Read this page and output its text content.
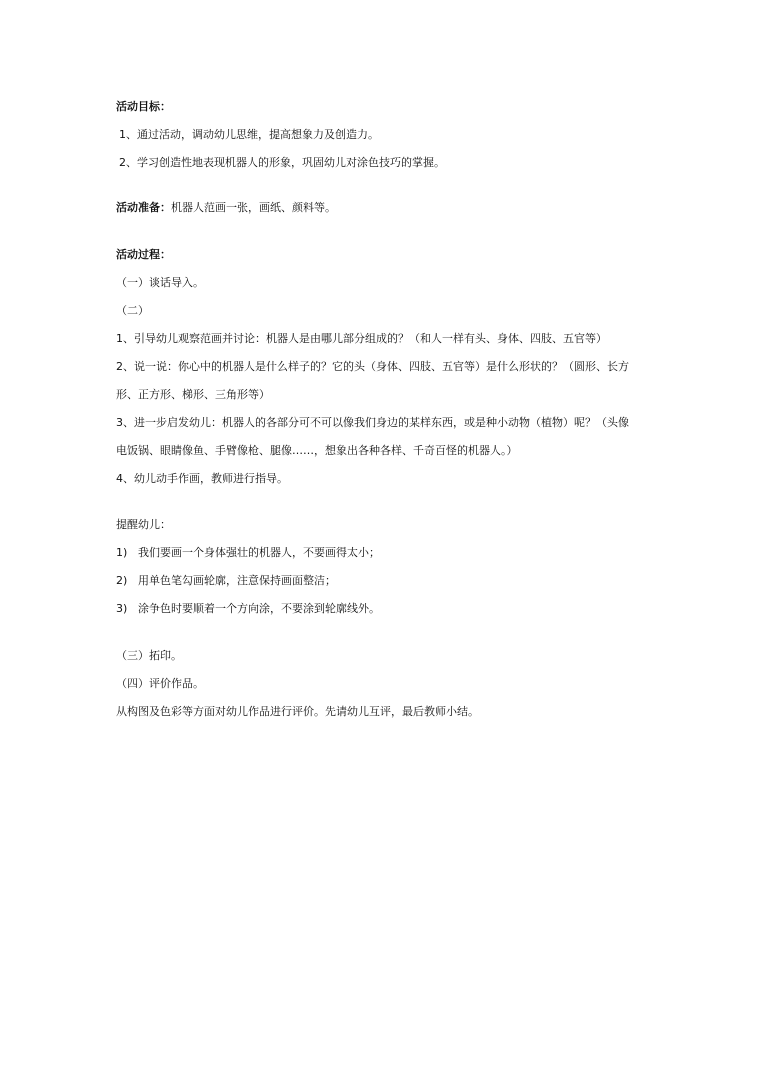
活动目标：
1、通过活动，调动幼儿思维，提高想象力及创造力。
2、学习创造性地表现机器人的形象，巩固幼儿对涂色技巧的掌握。
活动准备：机器人范画一张，画纸、颜料等。
活动过程：
（一）谈话导入。
（二）
1、引导幼儿观察范画并讨论：机器人是由哪儿部分组成的？（和人一样有头、身体、四肢、五官等）
2、说一说：你心中的机器人是什么样子的？它的头（身体、四肢、五官等）是什么形状的？（圆形、长方
形、正方形、梯形、三角形等）
3、进一步启发幼儿：机器人的各部分可不可以像我们身边的某样东西，或是种小动物（植物）呢？（头像
电饭锅、眼睛像鱼、手臂像枪、腿像……，想象出各种各样、千奇百怪的机器人。）
4、幼儿动手作画，教师进行指导。
提醒幼儿：
1) 我们要画一个身体强壮的机器人，不要画得太小；
2) 用单色笔勾画轮廓，注意保持画面整洁；
3) 涂争色时要顺着一个方向涂，不要涂到轮廓线外。
（三）拓印。
（四）评价作品。
从构图及色彩等方面对幼儿作品进行评价。先请幼儿互评，最后教师小结。
